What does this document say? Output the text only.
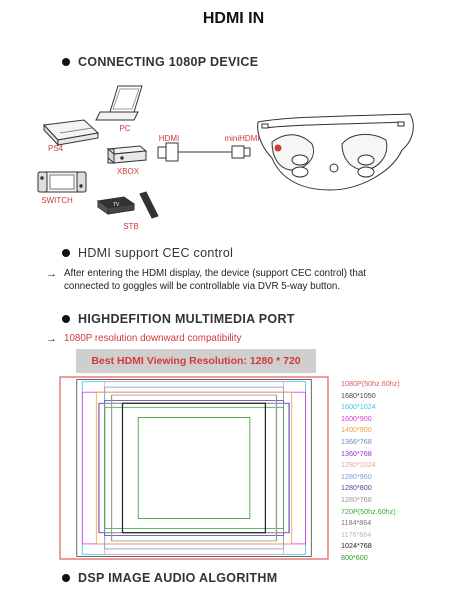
HDMI IN
CONNECTING 1080P DEVICE
TV
PC
PS4
XBOX
SWITCH
STB
HDMI	miniHDMI
HDMI support CEC control
→ After entering the HDMI display, the device (support CEC control) that
connected to goggles will be controllable via DVR 5-way button.
HIGHDEFITION MULTIMEDIA PORT
→ 1080P resolution downward compatibility
Best HDMI Viewing Resolution: 1280 * 720
1080P(50hz.60hz)
1680*1050
1600*1024
1600*900
1400*900
1366*768
1360*768
1280*1024
1280*960
1280*800
1280*768
720P(50hz.60hz)
1184*864
1176*864
1024*768
800*600
DSP IMAGE AUDIO ALGORITHM
